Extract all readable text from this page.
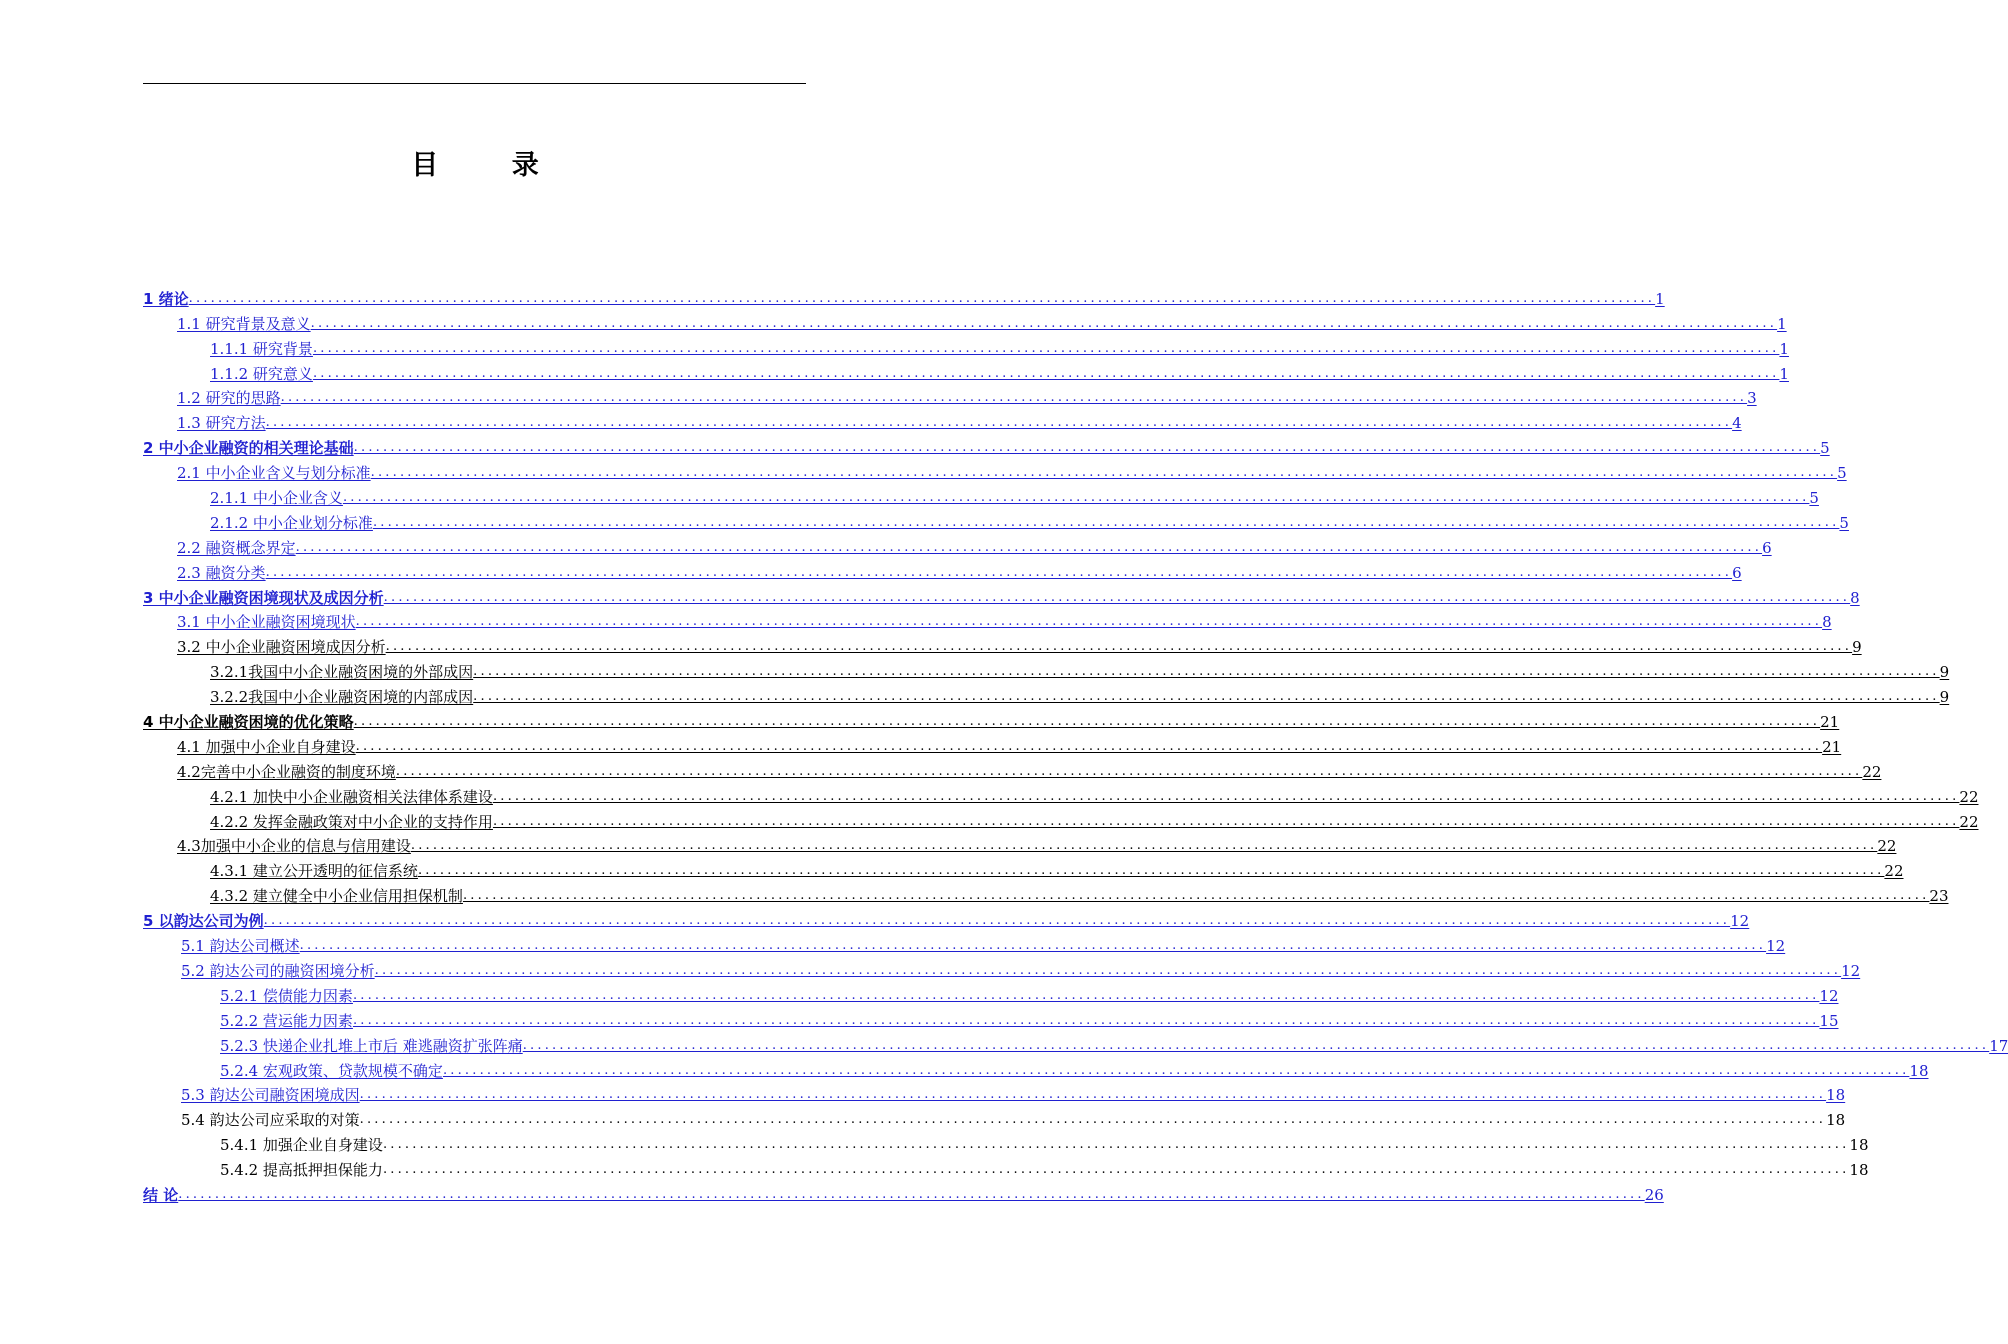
目 录
1 绪论 ........................................................................................................................................................................................................ 1
1.1 研究背景及意义 ........................................................................................................................................................................................................ 1
1.1.1 研究背景 ........................................................................................................................................................................................................ 1
1.1.2 研究意义 ........................................................................................................................................................................................................ 1
1.2 研究的思路 ........................................................................................................................................................................................................ 3
1.3 研究方法 ........................................................................................................................................................................................................ 4
2 中小企业融资的相关理论基础 ........................................................................................................................................................................................................ 5
2.1 中小企业含义与划分标准 ........................................................................................................................................................................................................ 5
2.1.1 中小企业含义 ........................................................................................................................................................................................................ 5
2.1.2 中小企业划分标准 ........................................................................................................................................................................................................ 5
2.2 融资概念界定 ........................................................................................................................................................................................................ 6
2.3 融资分类 ........................................................................................................................................................................................................ 6
3 中小企业融资困境现状及成因分析 ........................................................................................................................................................................................................ 8
3.1 中小企业融资困境现状 ........................................................................................................................................................................................................ 8
3.2 中小企业融资困境成因分析 ........................................................................................................................................................................................................ 9
3.2.1我国中小企业融资困境的外部成因 ........................................................................................................................................................................................................ 9
3.2.2我国中小企业融资困境的内部成因 ........................................................................................................................................................................................................ 9
4 中小企业融资困境的优化策略 ........................................................................................................................................................................................................ 21
4.1 加强中小企业自身建设 ........................................................................................................................................................................................................ 21
4.2完善中小企业融资的制度环境 ........................................................................................................................................................................................................ 22
4.2.1 加快中小企业融资相关法律体系建设 ........................................................................................................................................................................................................ 22
4.2.2 发挥金融政策对中小企业的支持作用 ........................................................................................................................................................................................................ 22
4.3加强中小企业的信息与信用建设 ........................................................................................................................................................................................................ 22
4.3.1 建立公开透明的征信系统 ........................................................................................................................................................................................................ 22
4.3.2 建立健全中小企业信用担保机制 ........................................................................................................................................................................................................ 23
5 以韵达公司为例 ........................................................................................................................................................................................................ 12
5.1 韵达公司概述 ........................................................................................................................................................................................................ 12
5.2 韵达公司的融资困境分析 ........................................................................................................................................................................................................ 12
5.2.1 偿债能力因素 ........................................................................................................................................................................................................ 12
5.2.2 营运能力因素 ........................................................................................................................................................................................................ 15
5.2.3 快递企业扎堆上市后 难逃融资扩张阵痛 ........................................................................................................................................................................................................ 17
5.2.4 宏观政策、贷款规模不确定 ........................................................................................................................................................................................................ 18
5.3 韵达公司融资困境成因 ........................................................................................................................................................................................................ 18
5.4 韵达公司应采取的对策 ........................................................................................................................................................................................................ 18
5.4.1 加强企业自身建设 ........................................................................................................................................................................................................ 18
5.4.2 提高抵押担保能力 ........................................................................................................................................................................................................ 18
结 论 ........................................................................................................................................................................................................ 26
